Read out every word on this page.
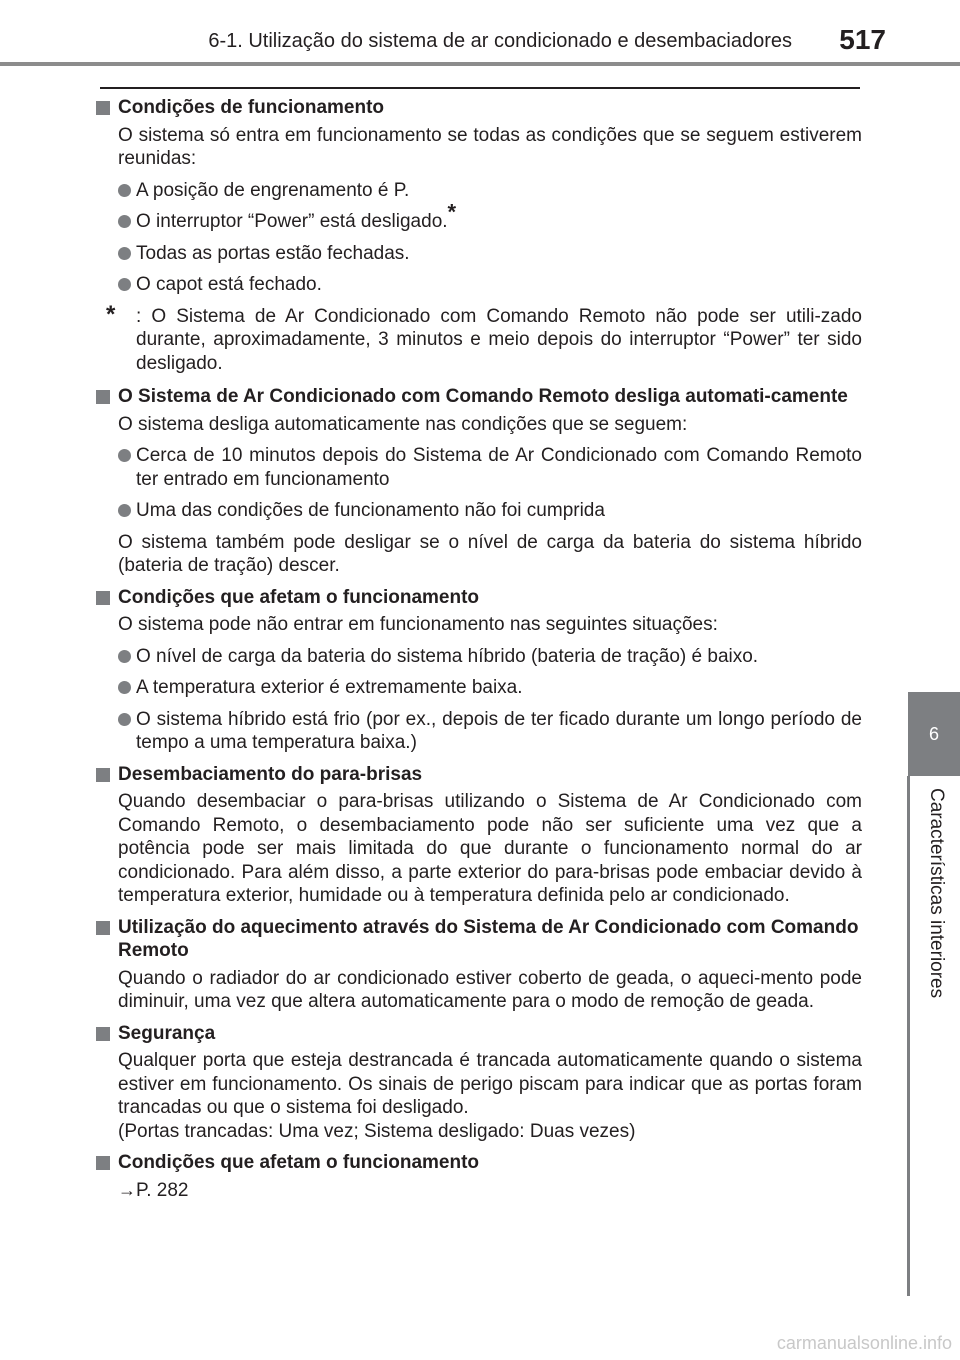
6-1. Utilização do sistema de ar condicionado e desembaciadores 517
6
Características interiores
Condições de funcionamento
O sistema só entra em funcionamento se todas as condições que se seguem estiverem reunidas:
A posição de engrenamento é P.
O interruptor “Power” está desligado.*
Todas as portas estão fechadas.
O capot está fechado.
* : O Sistema de Ar Condicionado com Comando Remoto não pode ser utili-zado durante, aproximadamente, 3 minutos e meio depois do interruptor “Power” ter sido desligado.
O Sistema de Ar Condicionado com Comando Remoto desliga automati-camente
O sistema desliga automaticamente nas condições que se seguem:
Cerca de 10 minutos depois do Sistema de Ar Condicionado com Comando Remoto ter entrado em funcionamento
Uma das condições de funcionamento não foi cumprida
O sistema também pode desligar se o nível de carga da bateria do sistema híbrido (bateria de tração) descer.
Condições que afetam o funcionamento
O sistema pode não entrar em funcionamento nas seguintes situações:
O nível de carga da bateria do sistema híbrido (bateria de tração) é baixo.
A temperatura exterior é extremamente baixa.
O sistema híbrido está frio (por ex., depois de ter ficado durante um longo período de tempo a uma temperatura baixa.)
Desembaciamento do para-brisas
Quando desembaciar o para-brisas utilizando o Sistema de Ar Condicionado com Comando Remoto, o desembaciamento pode não ser suficiente uma vez que a potência pode ser mais limitada do que durante o funcionamento normal do ar condicionado. Para além disso, a parte exterior do para-brisas pode embaciar devido à temperatura exterior, humidade ou à temperatura definida pelo ar condicionado.
Utilização do aquecimento através do Sistema de Ar Condicionado com Comando Remoto
Quando o radiador do ar condicionado estiver coberto de geada, o aqueci-mento pode diminuir, uma vez que altera automaticamente para o modo de remoção de geada.
Segurança
Qualquer porta que esteja destrancada é trancada automaticamente quando o sistema estiver em funcionamento. Os sinais de perigo piscam para indicar que as portas foram trancadas ou que o sistema foi desligado.
(Portas trancadas: Uma vez; Sistema desligado: Duas vezes)
Condições que afetam o funcionamento
→P. 282
carmanualsonline.info
